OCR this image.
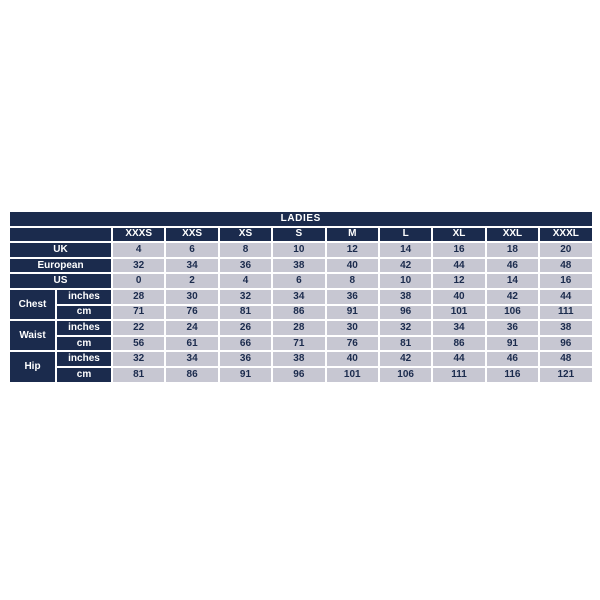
LADIES										
		XXXS	XXS	XS	S	M	L	XL	XXL	XXXL
UK		4	6	8	10	12	14	16	18	20
European		32	34	36	38	40	42	44	46	48
US		0	2	4	6	8	10	12	14	16
Chest	inches	28	30	32	34	36	38	40	42	44
	cm	71	76	81	86	91	96	101	106	111
Waist	inches	22	24	26	28	30	32	34	36	38
	cm	56	61	66	71	76	81	86	91	96
Hip	inches	32	34	36	38	40	42	44	46	48
	cm	81	86	91	96	101	106	111	116	121
